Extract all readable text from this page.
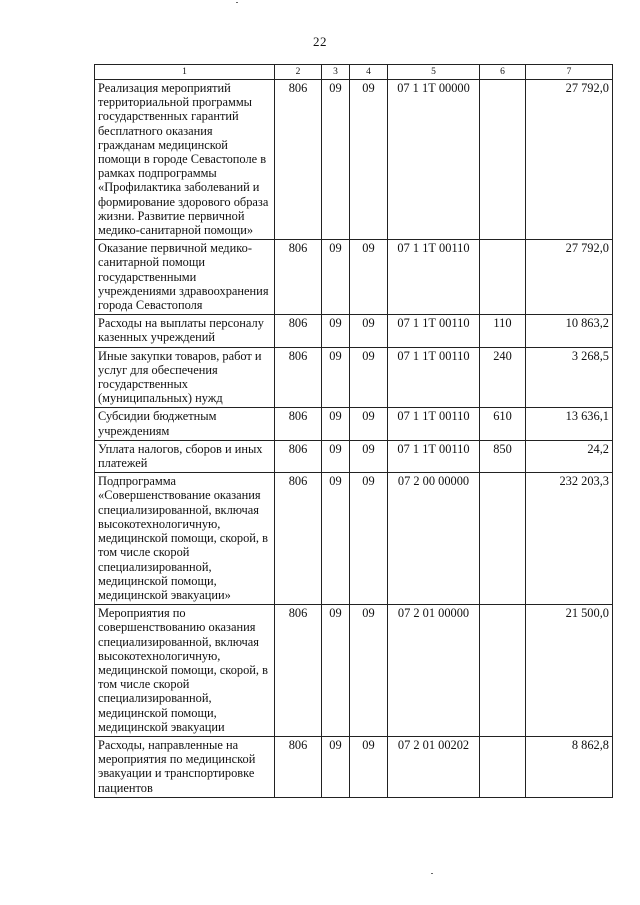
22
1	2	3	4	5	6	7
Реализация мероприятий территориальной программы государственных гарантий бесплатного оказания гражданам медицинской помощи в городе Севастополе в рамках подпрограммы «Профилактика заболеваний и формирование здорового образа жизни. Развитие первичной медико-санитарной помощи»	806	09	09	07 1 1Т 00000		27 792,0
Оказание первичной медико-санитарной помощи государственными учреждениями здравоохранения города Севастополя	806	09	09	07 1 1Т 00110		27 792,0
Расходы на выплаты персоналу казенных учреждений	806	09	09	07 1 1Т 00110	110	10 863,2
Иные закупки товаров, работ и услуг для обеспечения государственных (муниципальных) нужд	806	09	09	07 1 1Т 00110	240	3 268,5
Субсидии бюджетным учреждениям	806	09	09	07 1 1Т 00110	610	13 636,1
Уплата налогов, сборов и иных платежей	806	09	09	07 1 1Т 00110	850	24,2
Подпрограмма «Совершенствование оказания специализированной, включая высокотехнологичную, медицинской помощи, скорой, в том числе скорой специализированной, медицинской помощи, медицинской эвакуации»	806	09	09	07 2 00 00000		232 203,3
Мероприятия по совершенствованию оказания специализированной, включая высокотехнологичную, медицинской помощи, скорой, в том числе скорой специализированной, медицинской помощи, медицинской эвакуации	806	09	09	07 2 01 00000		21 500,0
Расходы, направленные на мероприятия по медицинской эвакуации и транспортировке пациентов	806	09	09	07 2 01 00202		8 862,8
